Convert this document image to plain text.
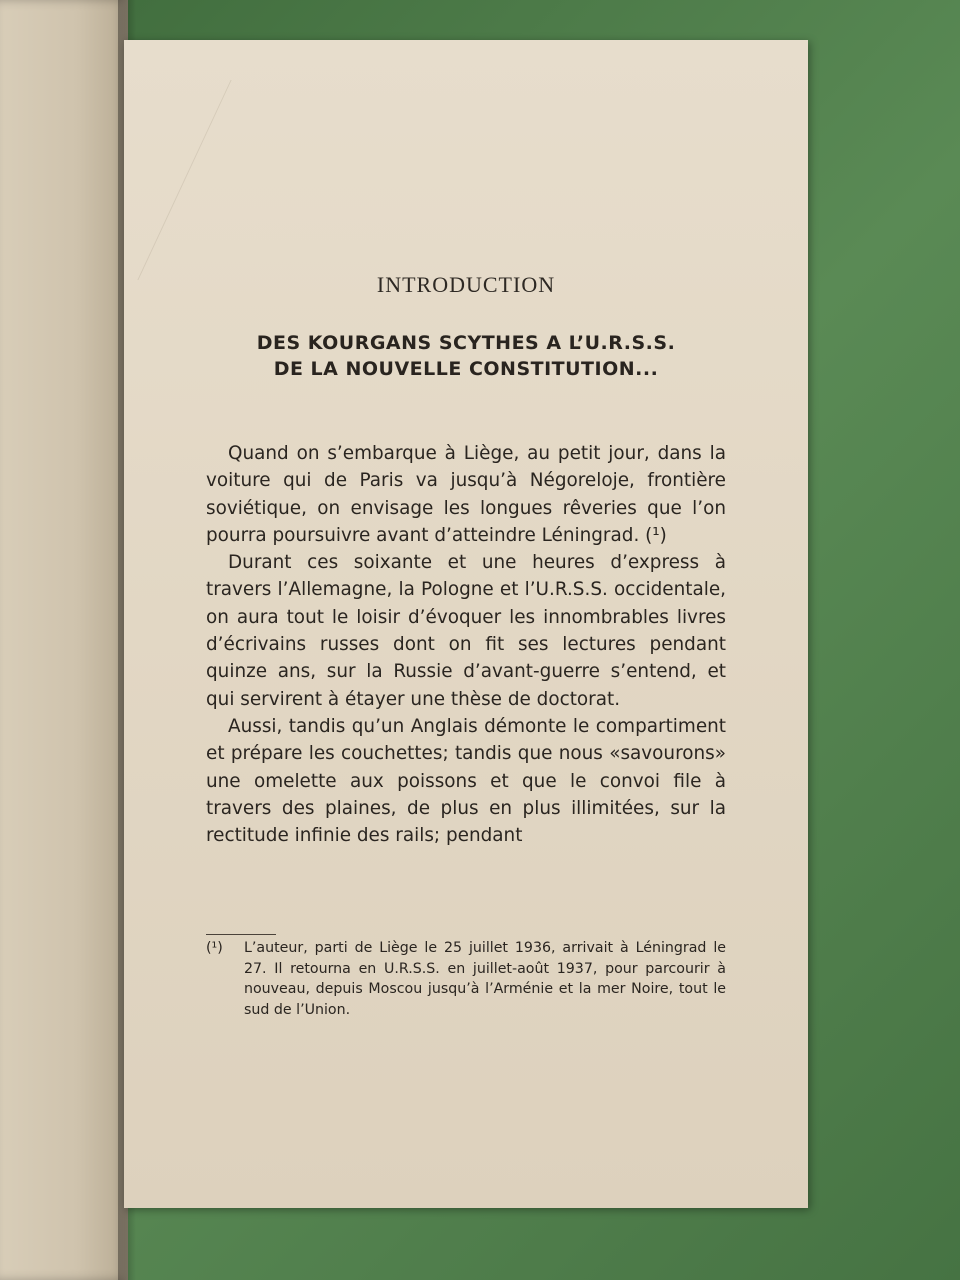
INTRODUCTION
DES KOURGANS SCYTHES A L’U.R.S.S.
DE LA NOUVELLE CONSTITUTION...

Quand on s’embarque à Liège, au petit jour, dans la voiture qui de Paris va jusqu’à Négoreloje, frontière soviétique, on envisage les longues rêveries que l’on pourra poursuivre avant d’atteindre Léningrad. (¹)

Durant ces soixante et une heures d’express à travers l’Allemagne, la Pologne et l’U.R.S.S. occidentale, on aura tout le loisir d’évoquer les innombrables livres d’écrivains russes dont on fit ses lectures pendant quinze ans, sur la Russie d’avant-guerre s’entend, et qui servirent à étayer une thèse de doctorat.

Aussi, tandis qu’un Anglais démonte le compartiment et prépare les couchettes; tandis que nous «savourons» une omelette aux poissons et que le convoi file à travers des plaines, de plus en plus illimitées, sur la rectitude infinie des rails; pendant

(¹)	L’auteur, parti de Liège le 25 juillet 1936, arrivait à Léningrad le 27. Il retourna en U.R.S.S. en juillet-août 1937, pour parcourir à nouveau, depuis Moscou jusqu’à l’Arménie et la mer Noire, tout le sud de l’Union.
